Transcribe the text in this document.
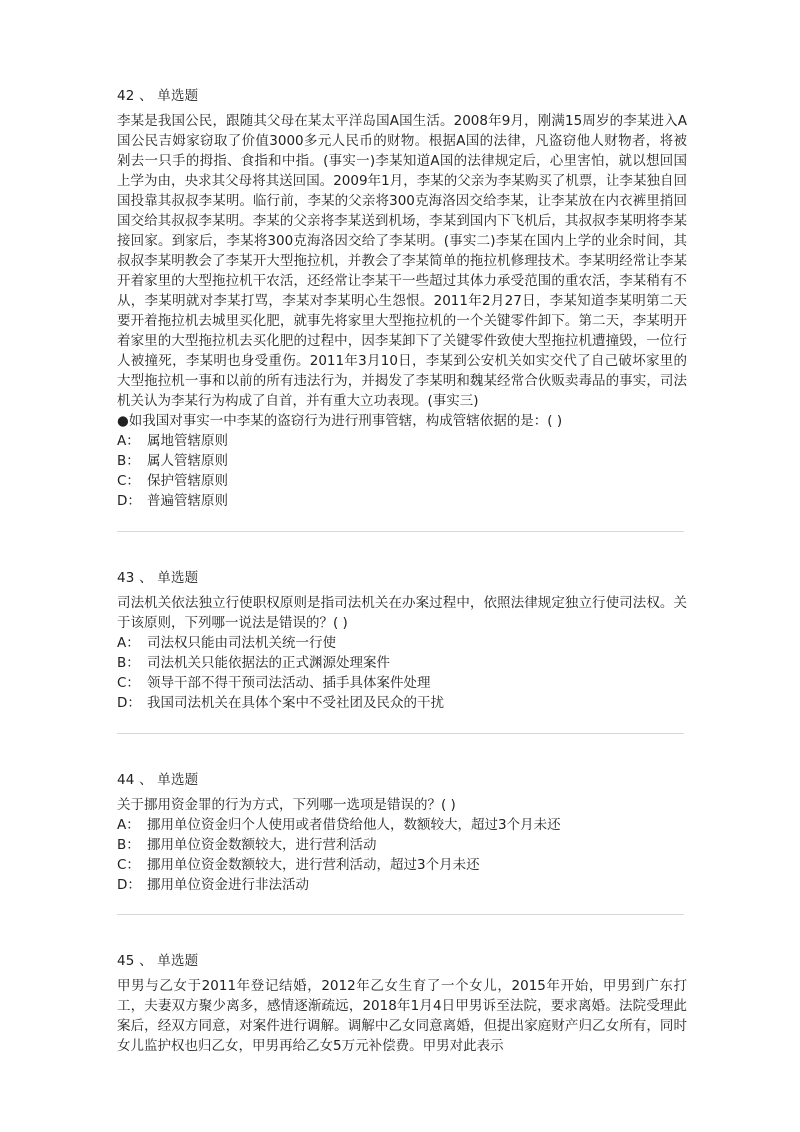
42 、 单选题

李某是我国公民，跟随其父母在某太平洋岛国A国生活。2008年9月，刚满15周岁的李某进入A国公民吉姆家窃取了价值3000多元人民币的财物。根据A国的法律，凡盗窃他人财物者，将被剁去一只手的拇指、食指和中指。(事实一)李某知道A国的法律规定后，心里害怕，就以想回国上学为由，央求其父母将其送回国。2009年1月，李某的父亲为李某购买了机票，让李某独自回国投靠其叔叔李某明。临行前，李某的父亲将300克海洛因交给李某，让李某放在内衣裤里捎回国交给其叔叔李某明。李某的父亲将李某送到机场，李某到国内下飞机后，其叔叔李某明将李某接回家。到家后，李某将300克海洛因交给了李某明。(事实二)李某在国内上学的业余时间，其叔叔李某明教会了李某开大型拖拉机，并教会了李某简单的拖拉机修理技术。李某明经常让李某开着家里的大型拖拉机干农活，还经常让李某干一些超过其体力承受范围的重农活，李某稍有不从，李某明就对李某打骂，李某对李某明心生怨恨。2011年2月27日，李某知道李某明第二天要开着拖拉机去城里买化肥，就事先将家里大型拖拉机的一个关键零件卸下。第二天，李某明开着家里的大型拖拉机去买化肥的过程中，因李某卸下了关键零件致使大型拖拉机遭撞毁，一位行人被撞死，李某明也身受重伤。2011年3月10日，李某到公安机关如实交代了自己破坏家里的大型拖拉机一事和以前的所有违法行为，并揭发了李某明和魏某经常合伙贩卖毒品的事实，司法机关认为李某行为构成了自首，并有重大立功表现。(事实三)

●如我国对事实一中李某的盗窃行为进行刑事管辖，构成管辖依据的是：( )

A： 属地管辖原则
B： 属人管辖原则
C： 保护管辖原则
D： 普遍管辖原则

43 、 单选题

司法机关依法独立行使职权原则是指司法机关在办案过程中，依照法律规定独立行使司法权。关于该原则，下列哪一说法是错误的？( )

A： 司法权只能由司法机关统一行使
B： 司法机关只能依据法的正式渊源处理案件
C： 领导干部不得干预司法活动、插手具体案件处理
D： 我国司法机关在具体个案中不受社团及民众的干扰

44 、 单选题

关于挪用资金罪的行为方式，下列哪一选项是错误的？( )

A： 挪用单位资金归个人使用或者借贷给他人，数额较大，超过3个月未还
B： 挪用单位资金数额较大，进行营利活动
C： 挪用单位资金数额较大，进行营利活动，超过3个月未还
D： 挪用单位资金进行非法活动

45 、 单选题

甲男与乙女于2011年登记结婚，2012年乙女生育了一个女儿，2015年开始，甲男到广东打工，夫妻双方聚少离多，感情逐渐疏远，2018年1月4日甲男诉至法院，要求离婚。法院受理此案后，经双方同意，对案件进行调解。调解中乙女同意离婚，但提出家庭财产归乙女所有，同时女儿监护权也归乙女，甲男再给乙女5万元补偿费。甲男对此表示
